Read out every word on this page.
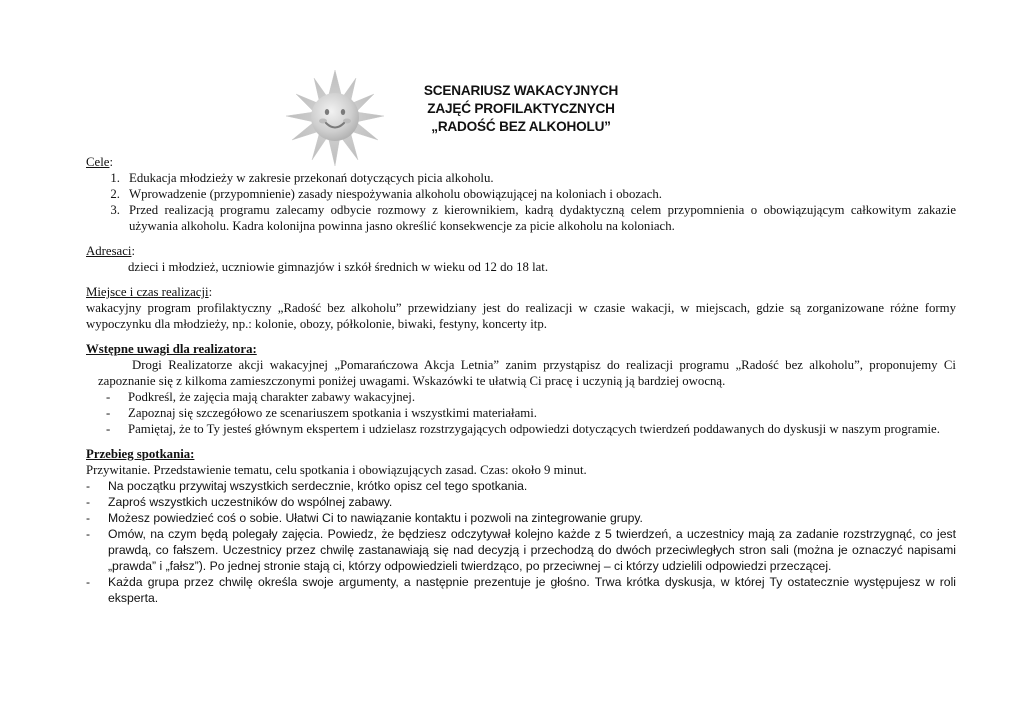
SCENARIUSZ WAKACYJNYCH
ZAJĘĆ PROFILAKTYCZNYCH
„RADOŚĆ BEZ ALKOHOLU”
Cele:
1. Edukacja młodzieży w zakresie przekonań dotyczących picia alkoholu.
2. Wprowadzenie (przypomnienie) zasady niespożywania alkoholu obowiązującej na koloniach i obozach.
3. Przed realizacją programu zalecamy odbycie rozmowy z kierownikiem, kadrą dydaktyczną celem przypomnienia o obowiązującym całkowitym zakazie używania alkoholu. Kadra kolonijna powinna jasno określić konsekwencje za picie alkoholu na koloniach.
Adresaci:
dzieci i młodzież, uczniowie gimnazjów i szkół średnich w wieku od 12 do 18 lat.
Miejsce i czas realizacji:
wakacyjny program profilaktyczny „Radość bez alkoholu” przewidziany jest do realizacji w czasie wakacji, w miejscach, gdzie są zorganizowane różne formy wypoczynku dla młodzieży, np.: kolonie, obozy, półkolonie, biwaki, festyny, koncerty itp.
Wstępne uwagi dla realizatora:
Drogi Realizatorze akcji wakacyjnej „Pomarańczowa Akcja Letnia” zanim przystąpisz do realizacji programu „Radość bez alkoholu”, proponujemy Ci zapoznanie się z kilkoma zamieszczonymi poniżej uwagami. Wskazówki te ułatwią Ci pracę i uczynią ją bardziej owocną.
-	Podkreśl, że zajęcia mają charakter zabawy wakacyjnej.
-	Zapoznaj się szczegółowo ze scenariuszem spotkania i wszystkimi materiałami.
-	Pamiętaj, że to Ty jesteś głównym ekspertem i udzielasz rozstrzygających odpowiedzi dotyczących twierdzeń poddawanych do dyskusji w naszym programie.
Przebieg spotkania:
Przywitanie. Przedstawienie tematu, celu spotkania i obowiązujących zasad. Czas: około 9 minut.
-	Na początku przywitaj wszystkich serdecznie, krótko opisz cel tego spotkania.
-	Zaproś wszystkich uczestników do wspólnej zabawy.
-	Możesz powiedzieć coś o sobie. Ułatwi Ci to nawiązanie kontaktu i pozwoli na zintegrowanie grupy.
-	Omów, na czym będą polegały zajęcia. Powiedz, że będziesz odczytywał kolejno każde z 5 twierdzeń, a uczestnicy mają za zadanie rozstrzygnąć, co jest prawdą, co fałszem. Uczestnicy przez chwilę zastanawiają się nad decyzją i przechodzą do dwóch przeciwległych stron sali (można je oznaczyć napisami „prawda” i „fałsz”). Po jednej stronie stają ci, którzy odpowiedzieli twierdząco, po przeciwnej – ci którzy udzielili odpowiedzi przeczącej.
-	Każda grupa przez chwilę określa swoje argumenty, a następnie prezentuje je głośno. Trwa krótka dyskusja, w której Ty ostatecznie występujesz w roli eksperta.
